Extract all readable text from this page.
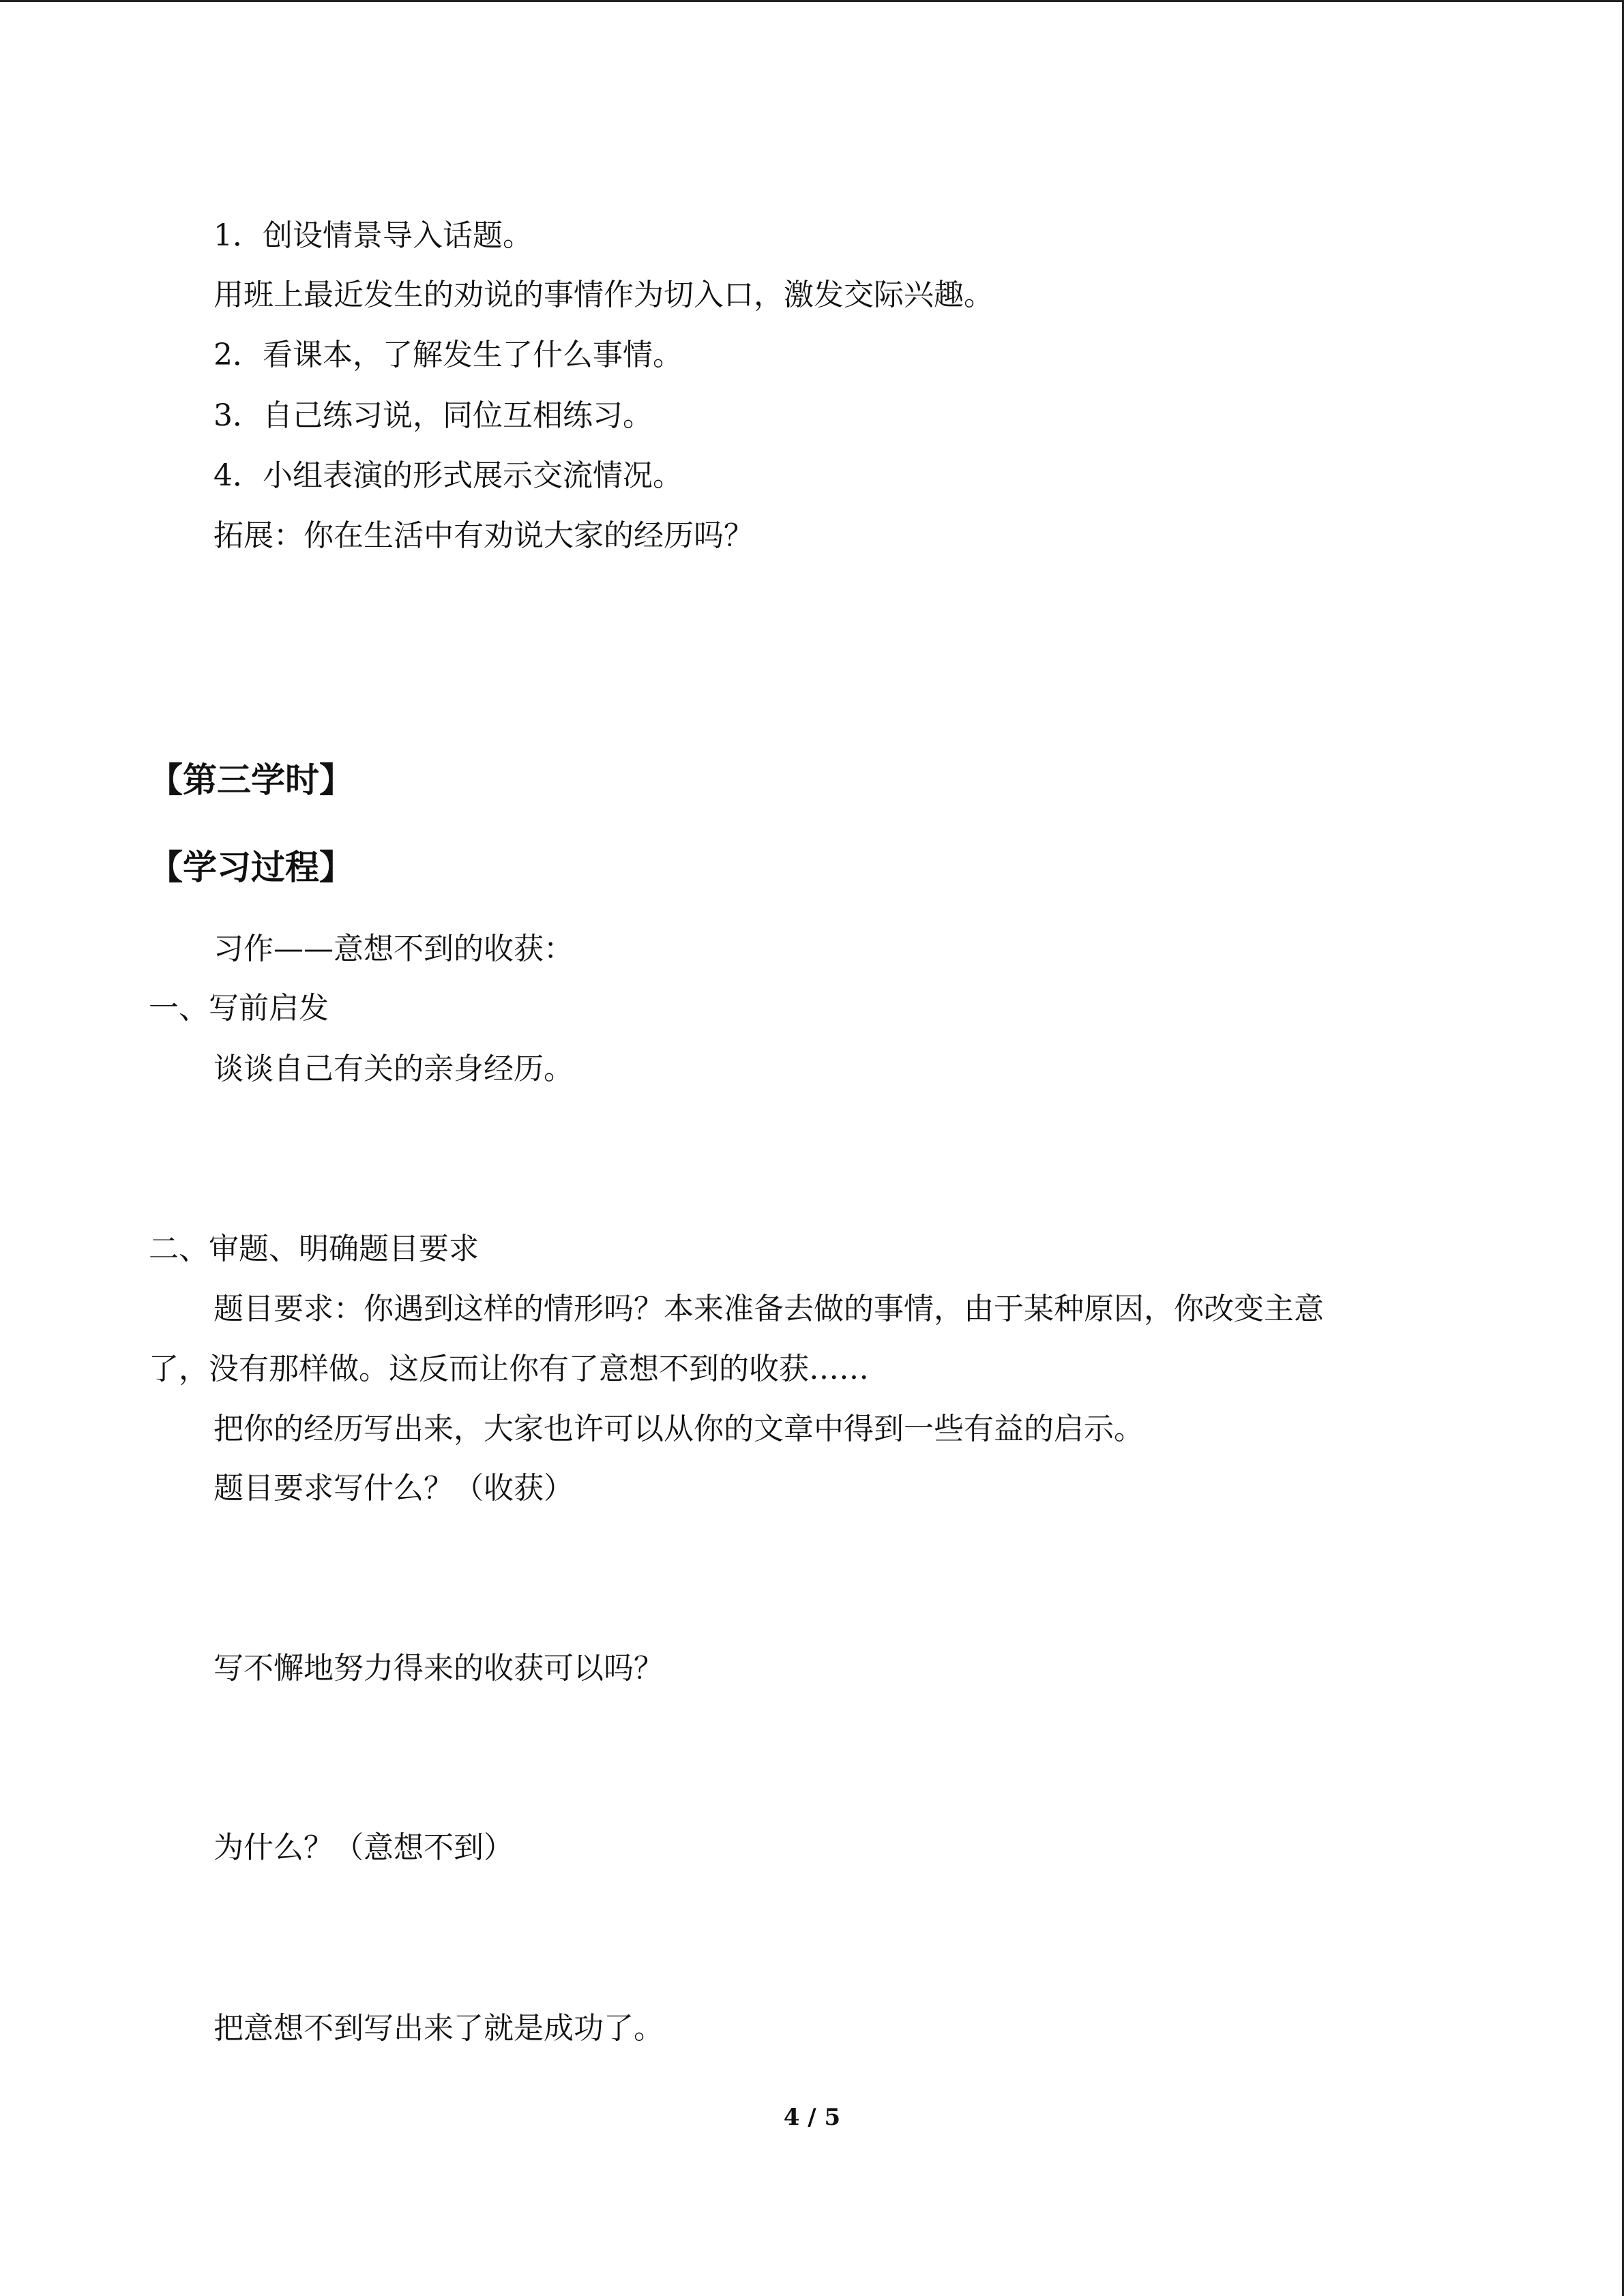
1．创设情景导入话题。
用班上最近发生的劝说的事情作为切入口，激发交际兴趣。
2．看课本，了解发生了什么事情。
3．自己练习说，同位互相练习。
4．小组表演的形式展示交流情况。
拓展：你在生活中有劝说大家的经历吗？
【第三学时】
【学习过程】
习作——意想不到的收获：
一、写前启发
谈谈自己有关的亲身经历。
二、审题、明确题目要求
题目要求：你遇到这样的情形吗？本来准备去做的事情，由于某种原因，你改变主意
了，没有那样做。这反而让你有了意想不到的收获……
把你的经历写出来，大家也许可以从你的文章中得到一些有益的启示。
题目要求写什么？（收获）
写不懈地努力得来的收获可以吗？
为什么？（意想不到）
把意想不到写出来了就是成功了。
4 / 5
